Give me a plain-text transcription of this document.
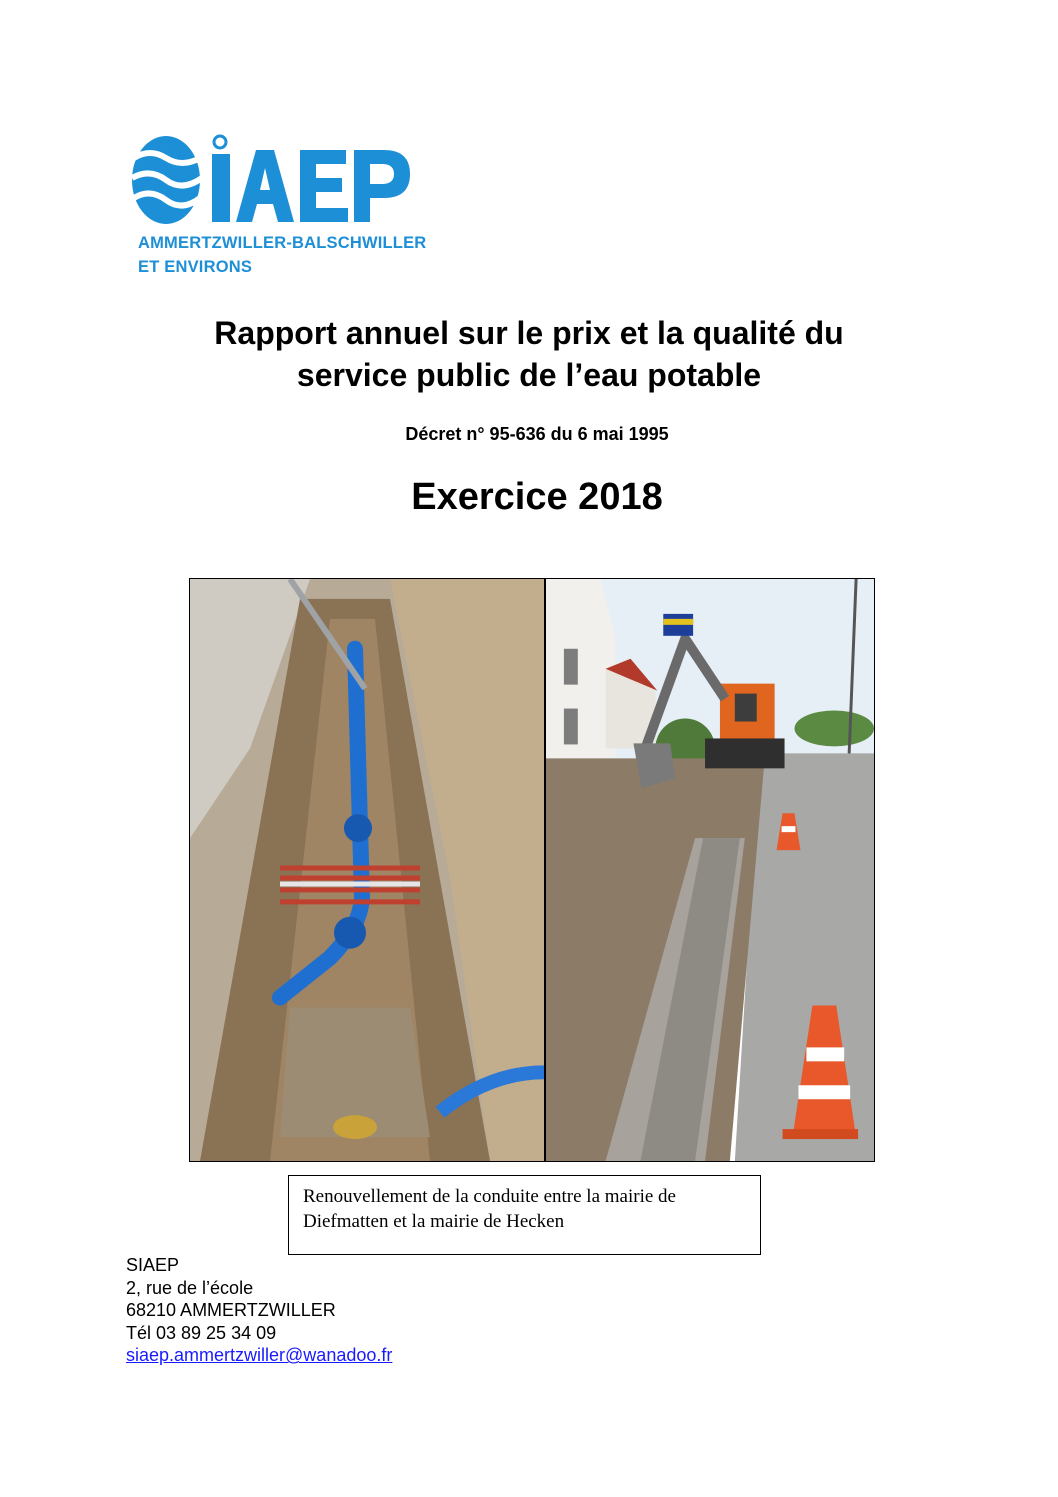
AMMERTZWILLER-BALSCHWILLER
ET ENVIRONS
Rapport annuel sur le prix et la qualité du
service public de l’eau potable

Décret n° 95-636 du 6 mai 1995

Exercice 2018
Renouvellement de la conduite entre la mairie de
Diefmatten et la mairie de Hecken
SIAEP
2, rue de l’école
68210 AMMERTZWILLER
Tél 03 89 25 34 09
siaep.ammertzwiller@wanadoo.fr
